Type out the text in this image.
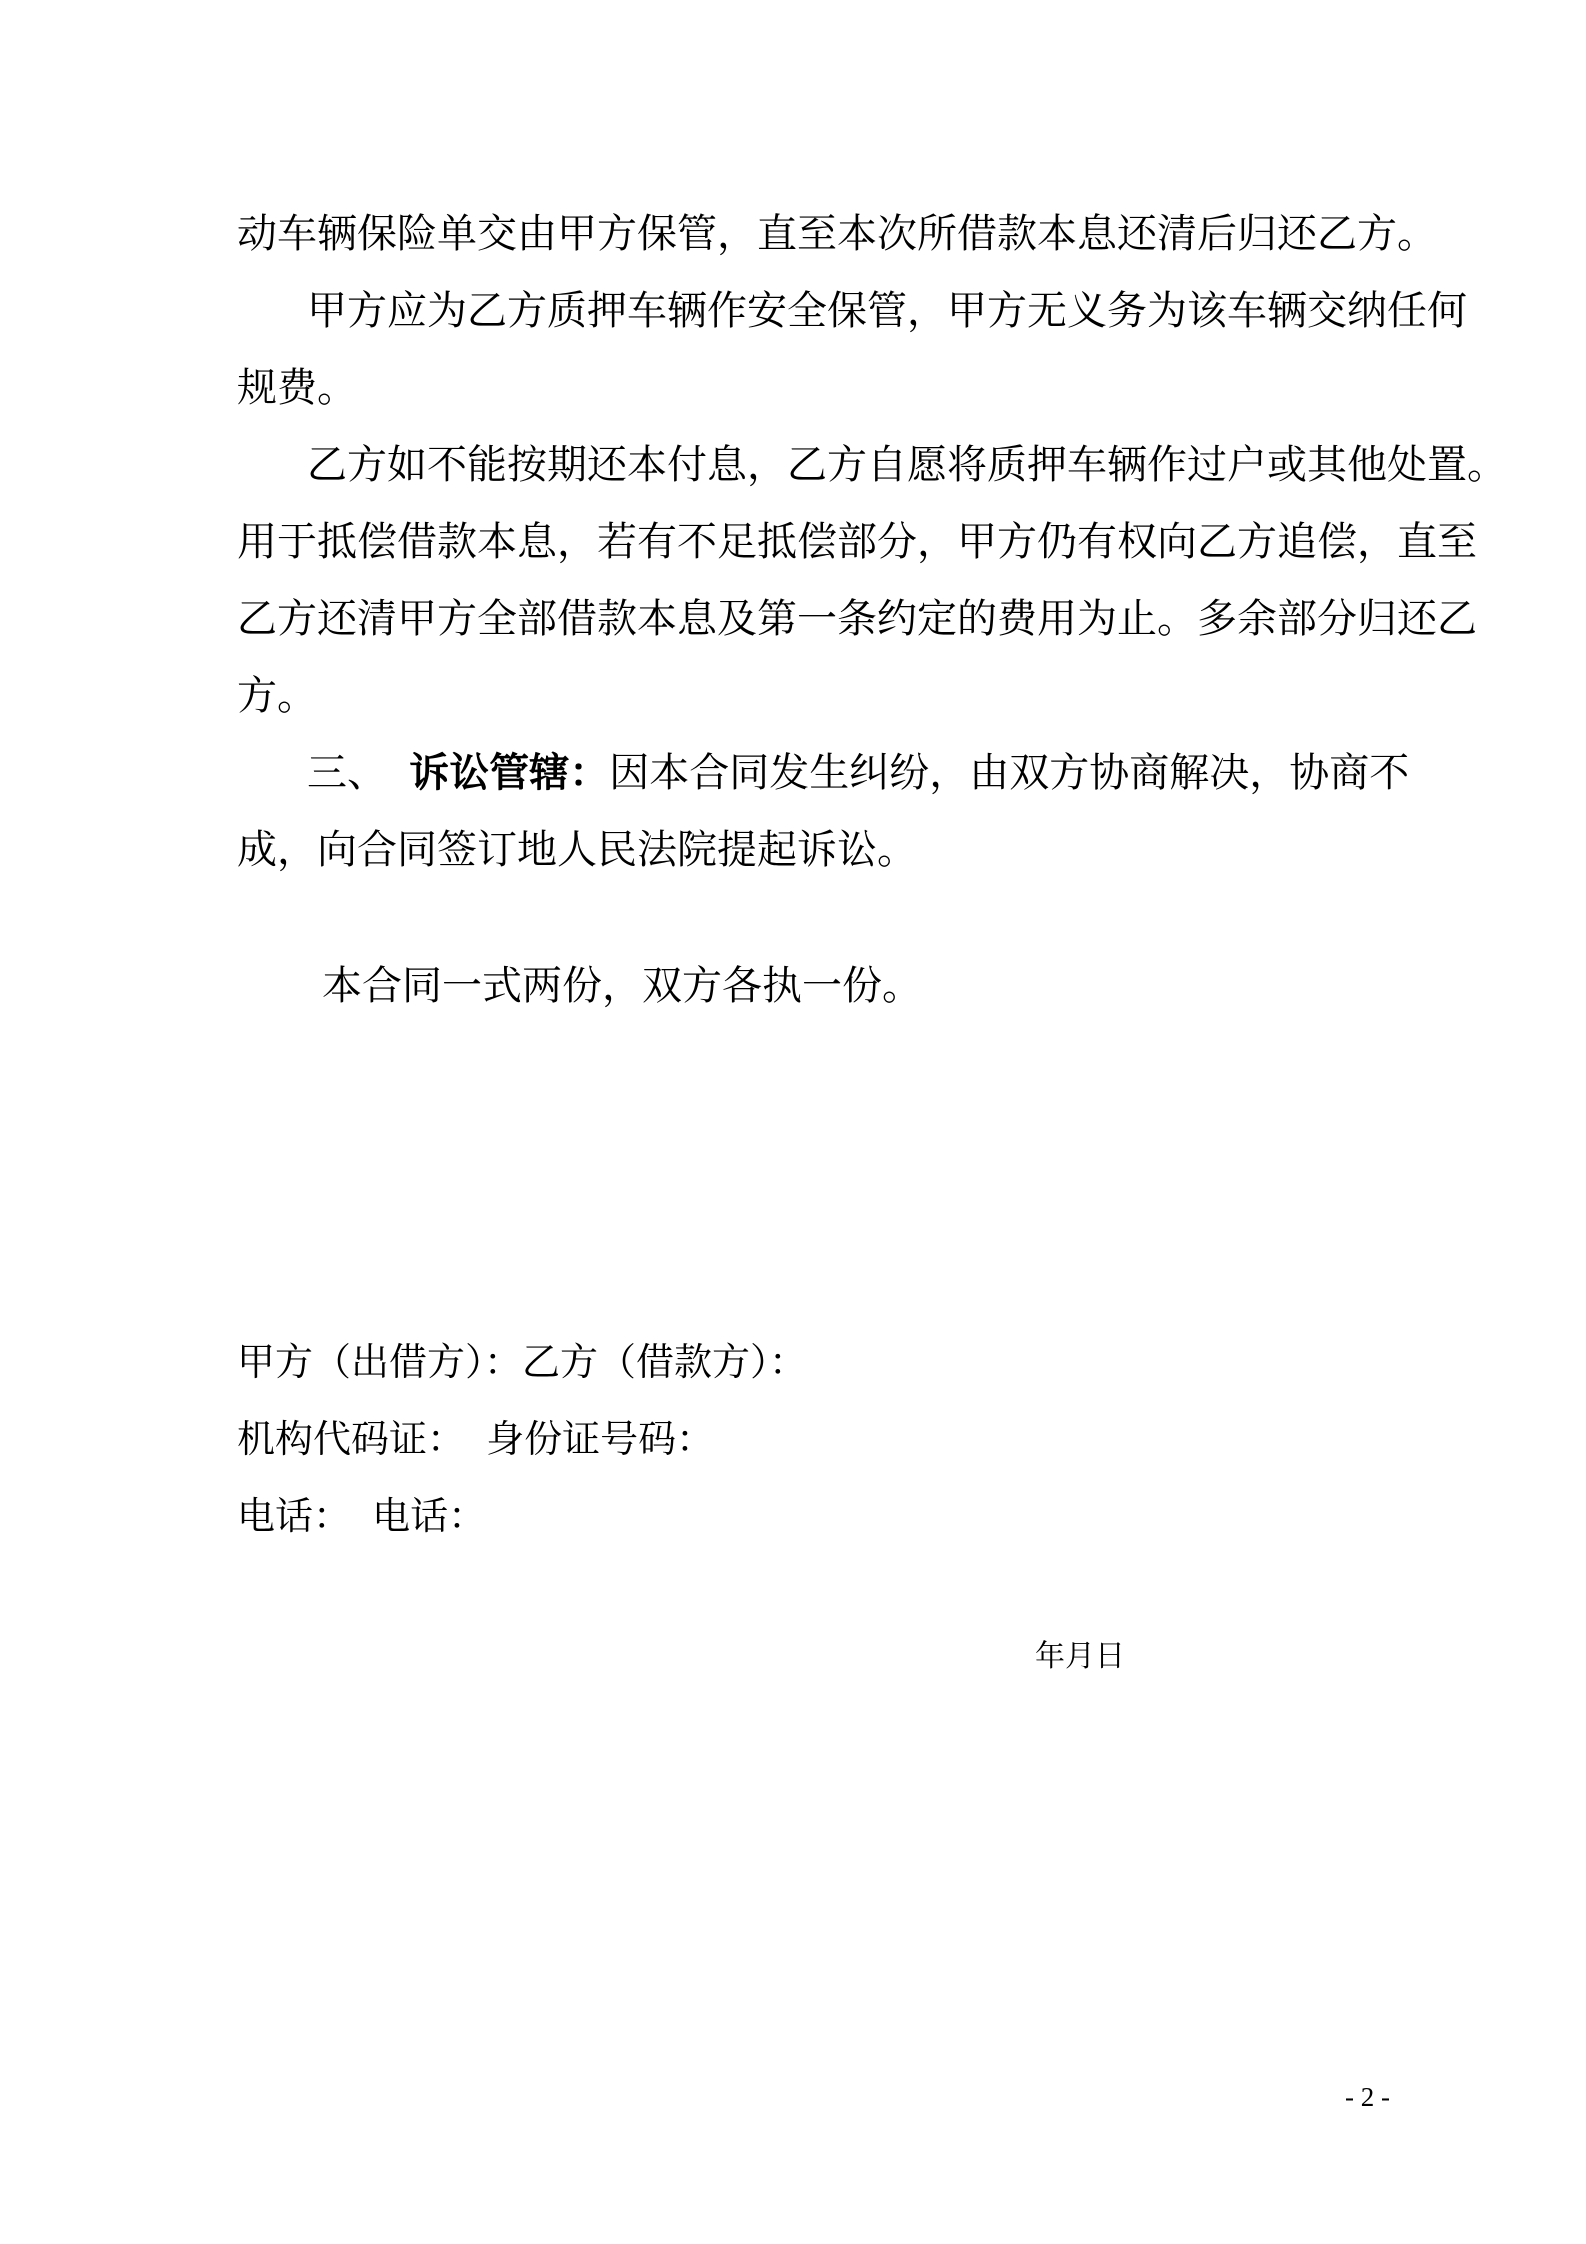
动车辆保险单交由甲方保管，直至本次所借款本息还清后归还乙方。
甲方应为乙方质押车辆作安全保管，甲方无义务为该车辆交纳任何
规费。
乙方如不能按期还本付息，乙方自愿将质押车辆作过户或其他处置。
用于抵偿借款本息，若有不足抵偿部分，甲方仍有权向乙方追偿，直至
乙方还清甲方全部借款本息及第一条约定的费用为止。多余部分归还乙
方。
三、  诉讼管辖：因本合同发生纠纷，由双方协商解决，协商不
成，向合同签订地人民法院提起诉讼。
本合同一式两份，双方各执一份。
甲方（出借方）：乙方（借款方）：
机构代码证：  身份证号码：
电话：  电话：
年月日
- 2 -
